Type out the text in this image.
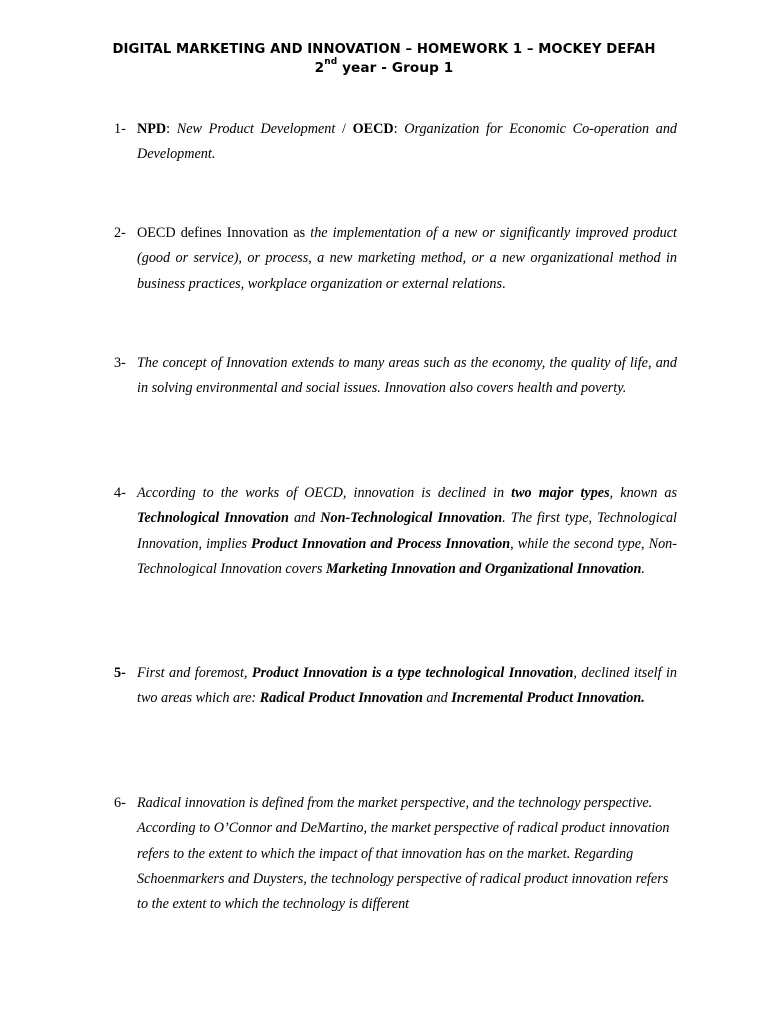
DIGITAL MARKETING AND INNOVATION – HOMEWORK 1 – MOCKEY DEFAH
2nd year - Group 1
1- NPD: New Product Development / OECD: Organization for Economic Co-operation and Development.
2- OECD defines Innovation as the implementation of a new or significantly improved product (good or service), or process, a new marketing method, or a new organizational method in business practices, workplace organization or external relations.
3- The concept of Innovation extends to many areas such as the economy, the quality of life, and in solving environmental and social issues. Innovation also covers health and poverty.
4- According to the works of OECD, innovation is declined in two major types, known as Technological Innovation and Non-Technological Innovation. The first type, Technological Innovation, implies Product Innovation and Process Innovation, while the second type, Non-Technological Innovation covers Marketing Innovation and Organizational Innovation.
5- First and foremost, Product Innovation is a type technological Innovation, declined itself in two areas which are: Radical Product Innovation and Incremental Product Innovation.
6- Radical innovation is defined from the market perspective, and the technology perspective. According to O’Connor and DeMartino, the market perspective of radical product innovation refers to the extent to which the impact of that innovation has on the market. Regarding Schoenmarkers and Duysters, the technology perspective of radical product innovation refers to the extent to which the technology is different
